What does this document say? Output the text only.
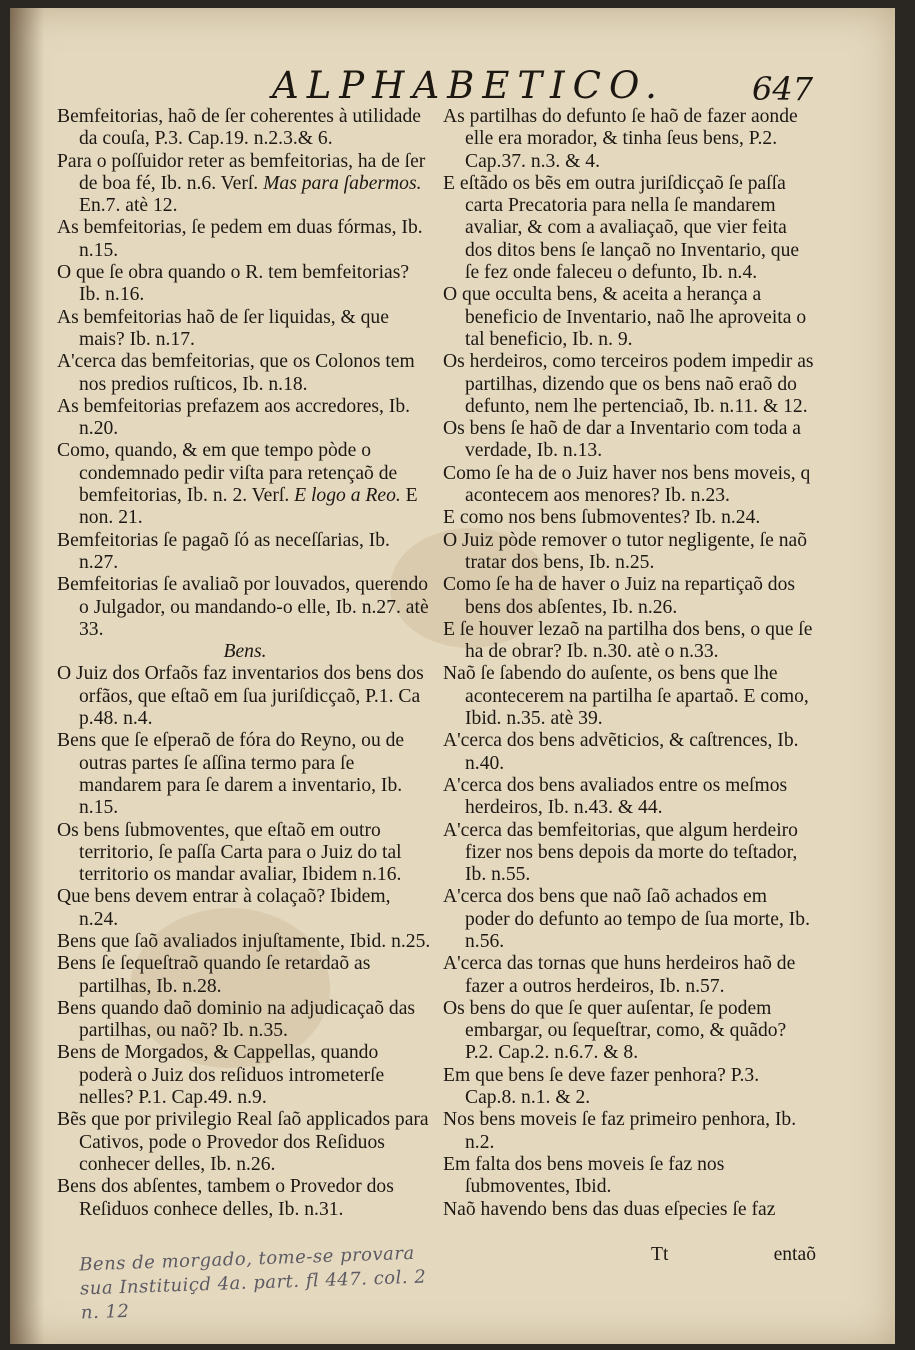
ALPHABETICO.	647

Bemfeitorias, haõ de ſer coherentes à utilidade da couſa, P.3. Cap.19. n.2.3.& 6.

Para o poſſuidor reter as bemfeitorias, ha de ſer de boa fé, Ib. n.6. Verſ. Mas para ſabermos. En.7. atè 12.

As bemfeitorias, ſe pedem em duas fórmas, Ib. n.15.

O que ſe obra quando o R. tem bemfeitorias? Ib. n.16.

As bemfeitorias haõ de ſer liquidas, & que mais? Ib. n.17.

A'cerca das bemfeitorias, que os Colonos tem nos predios ruſticos, Ib. n.18.

As bemfeitorias prefazem aos accredores, Ib. n.20.

Como, quando, & em que tempo pòde o condemnado pedir viſta para retençaõ de bemfeitorias, Ib. n. 2. Verſ. E logo a Reo. E non. 21.

Bemfeitorias ſe pagaõ ſó as neceſſarias, Ib. n.27.

Bemfeitorias ſe avaliaõ por louvados, querendo o Julgador, ou mandando-o elle, Ib. n.27. atè 33.

Bens.

O Juiz dos Orfaõs faz inventarios dos bens dos orfãos, que eſtaõ em ſua juriſdicçaõ, P.1. Ca p.48. n.4.

Bens que ſe eſperaõ de fóra do Reyno, ou de outras partes ſe aſſina termo para ſe mandarem para ſe darem a inventario, Ib. n.15.

Os bens ſubmoventes, que eſtaõ em outro territorio, ſe paſſa Carta para o Juiz do tal territorio os mandar avaliar, Ibidem n.16.

Que bens devem entrar à colaçaõ? Ibidem, n.24.

Bens que ſaõ avaliados injuſtamente, Ibid. n.25.

Bens ſe ſequeſtraõ quando ſe retardaõ as partilhas, Ib. n.28.

Bens quando daõ dominio na adjudicaçaõ das partilhas, ou naõ? Ib. n.35.

Bens de Morgados, & Cappellas, quando poderà o Juiz dos reſiduos intrometerſe nelles? P.1. Cap.49. n.9.

Bẽs que por privilegio Real ſaõ applicados para Cativos, pode o Provedor dos Reſiduos conhecer delles, Ib. n.26.

Bens dos abſentes, tambem o Provedor dos Reſiduos conhece delles, Ib. n.31.

As partilhas do defunto ſe haõ de fazer aonde elle era morador, & tinha ſeus bens, P.2. Cap.37. n.3. & 4.

E eſtãdo os bẽs em outra juriſdicçaõ ſe paſſa carta Precatoria para nella ſe mandarem avaliar, & com a avaliaçaõ, que vier feita dos ditos bens ſe lançaõ no Inventario, que ſe fez onde faleceu o defunto, Ib. n.4.

O que occulta bens, & aceita a herança a beneficio de Inventario, naõ lhe aproveita o tal beneficio, Ib. n. 9.

Os herdeiros, como terceiros podem impedir as partilhas, dizendo que os bens naõ eraõ do defunto, nem lhe pertenciaõ, Ib. n.11. & 12.

Os bens ſe haõ de dar a Inventario com toda a verdade, Ib. n.13.

Como ſe ha de o Juiz haver nos bens moveis, q acontecem aos menores? Ib. n.23.

E como nos bens ſubmoventes? Ib. n.24.

O Juiz pòde remover o tutor negligente, ſe naõ tratar dos bens, Ib. n.25.

Como ſe ha de haver o Juiz na repartiçaõ dos bens dos abſentes, Ib. n.26.

E ſe houver lezaõ na partilha dos bens, o que ſe ha de obrar? Ib. n.30. atè o n.33.

Naõ ſe ſabendo do auſente, os bens que lhe acontecerem na partilha ſe apartaõ. E como, Ibid. n.35. atè 39.

A'cerca dos bens advẽticios, & caſtrences, Ib. n.40.

A'cerca dos bens avaliados entre os meſmos herdeiros, Ib. n.43. & 44.

A'cerca das bemfeitorias, que algum herdeiro fizer nos bens depois da morte do teſtador, Ib. n.55.

A'cerca dos bens que naõ ſaõ achados em poder do defunto ao tempo de ſua morte, Ib. n.56.

A'cerca das tornas que huns herdeiros haõ de fazer a outros herdeiros, Ib. n.57.

Os bens do que ſe quer auſentar, ſe podem embargar, ou ſequeſtrar, como, & quãdo? P.2. Cap.2. n.6.7. & 8.

Em que bens ſe deve fazer penhora? P.3. Cap.8. n.1. & 2.

Nos bens moveis ſe faz primeiro penhora, Ib. n.2.

Em falta dos bens moveis ſe faz nos ſubmoventes, Ibid.

Naõ havendo bens das duas eſpecies ſe faz

Bens de morgado, tome-se provara
sua Instituiçd 4a. part. fl 447. col. 2
n. 12
Tt	entaõ
